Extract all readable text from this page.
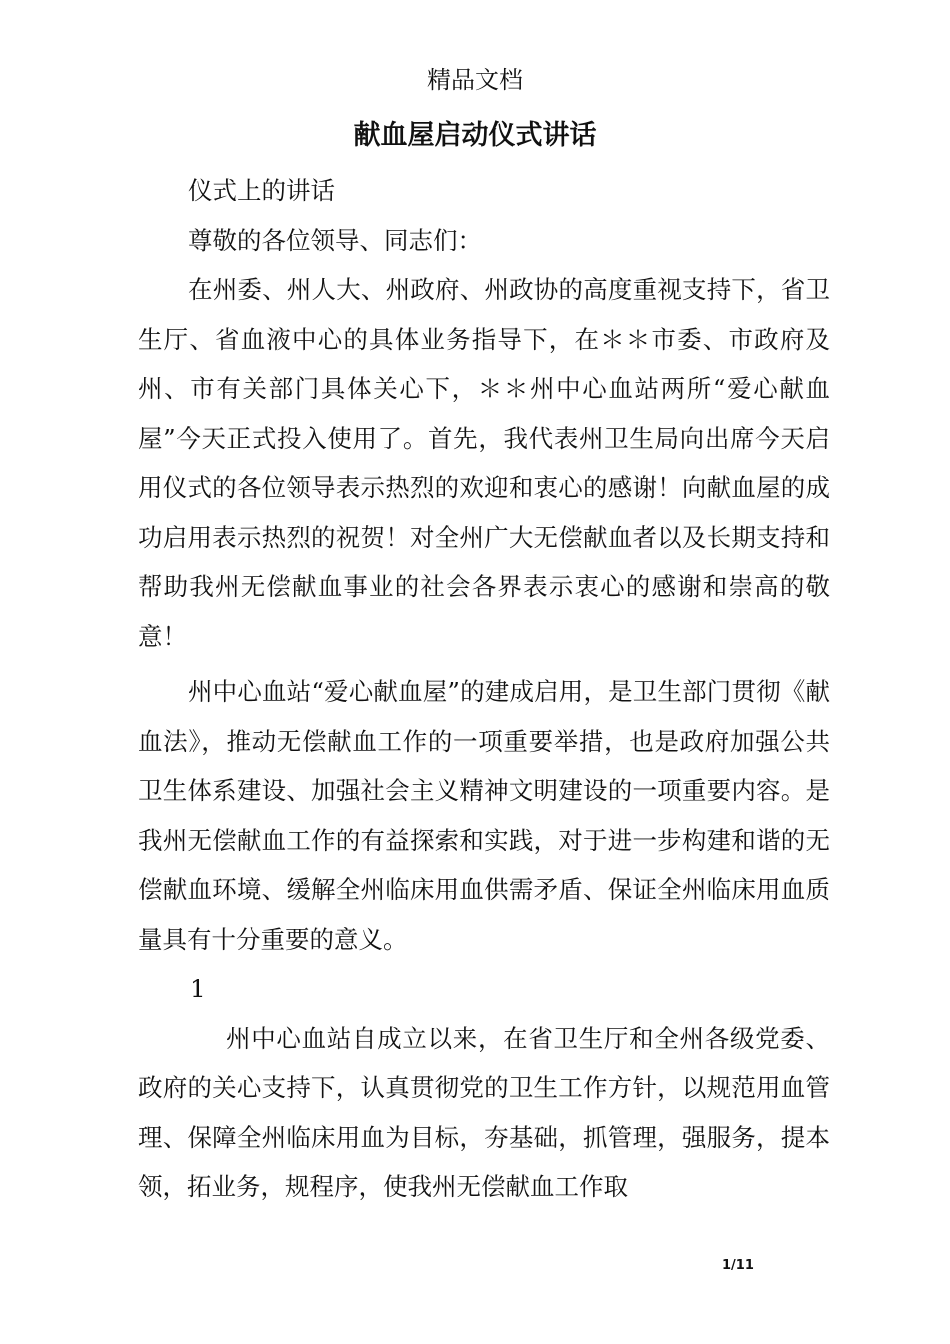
精品文档
献血屋启动仪式讲话

仪式上的讲话

尊敬的各位领导、同志们：

在州委、州人大、州政府、州政协的高度重视支持下，省卫生厅、省血液中心的具体业务指导下，在＊＊市委、市政府及州、市有关部门具体关心下，＊＊州中心血站两所“爱心献血屋”今天正式投入使用了。首先，我代表州卫生局向出席今天启用仪式的各位领导表示热烈的欢迎和衷心的感谢！向献血屋的成功启用表示热烈的祝贺！对全州广大无偿献血者以及长期支持和帮助我州无偿献血事业的社会各界表示衷心的感谢和崇高的敬意！

州中心血站“爱心献血屋”的建成启用，是卫生部门贯彻《献血法》，推动无偿献血工作的一项重要举措，也是政府加强公共卫生体系建设、加强社会主义精神文明建设的一项重要内容。是我州无偿献血工作的有益探索和实践，对于进一步构建和谐的无偿献血环境、缓解全州临床用血供需矛盾、保证全州临床用血质量具有十分重要的意义。

1

州中心血站自成立以来，在省卫生厅和全州各级党委、政府的关心支持下，认真贯彻党的卫生工作方针，以规范用血管理、保障全州临床用血为目标，夯基础，抓管理，强服务，提本领，拓业务，规程序，使我州无偿献血工作取

1/11
